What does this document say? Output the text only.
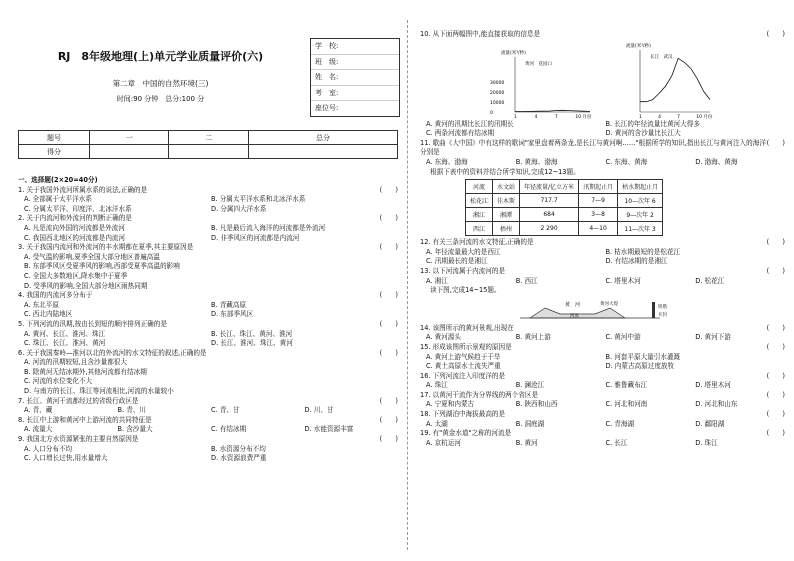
RJ　8年级地理(上)单元学业质量评价(六)
第二章　中国的自然环境(三)
时间:90 分钟　总分:100 分
学　校:
班　级:
姓　名:
考　室:
座位号:
题号	一	二	总分
得分			
一、选择题(2×20=40分)
1. 关于我国外流河所属水系的说法,正确的是	(　　)
A. 全部属于太平洋水系	B. 分属太平洋水系和北冰洋水系
C. 分属太平洋、印度洋、北冰洋水系	D. 分属四大洋水系
2. 关于内流河和外流河的判断正确的是	(　　)
A. 凡是流向外国的河流都是外流河	B. 凡是最后流入海洋的河流都是外流河
C. 我国西北地区的河流都是内流河	D. 非季风区的河流都是内流河
3. 关于我国内流河和外流河的丰水期都在夏季,其主要原因是	(　　)
A. 受气温的影响,夏季全国大部分地区普遍高温
B. 东部季风区受夏季风的影响,西部受夏季高温的影响
C. 全国大多数地区,降水集中于夏季
D. 受季风的影响,全国大部分地区雨热同期
4. 我国的内流河多分布于	(　　)
A. 东北平原	B. 青藏高原
C. 西北内陆地区	D. 东部季风区
5. 下列河流的汛期,按由长到短的顺序排列正确的是	(　　)
A. 黄河、长江、淮河、珠江	B. 长江、珠江、黄河、淮河
C. 珠江、长江、淮河、黄河	D. 长江、淮河、珠江、黄河
6. 关于我国秦岭—淮河以北的外流河的水文特征的叙述,正确的是	(　　)
A. 河流的汛期较短,且含沙量都很大
B. 除黄河无结冰期外,其他河流都有结冰期
C. 河流的水位变化不大
D. 与南方的长江、珠江等河流相比,河流的水量较小
7. 长江、黄河干流都经过的省级行政区是	(　　)
A. 青、藏	B. 青、川	C. 青、甘	D. 川、甘
8. 长江中上游和黄河中上游河流的共同特征是	(　　)
A. 流量大	B. 含沙量大	C. 有结冰期	D. 水能资源丰富
9. 我国北方水资源紧张的主要自然原因是	(　　)
A. 人口分布不均	B. 水资源分布不均
C. 人口增长过快,用水量增大	D. 水资源浪费严重
10. 从下面两幅图中,能直接获取的信息是	(　　)
流量(米³/秒)
黄河　花园口
1	4	7	10 月份
流量(米³/秒)
长江　武汉
1	4	7	10 月份
30000
20000
10000
0
A. 黄河的汛期比长江的汛期长	B. 长江的年径流量比黄河大得多
C. 两条河流都有结冰期	D. 黄河的含沙量比长江大
11. 歌曲《大中国》中有这样的歌词"家里盘着两条龙,是长江与黄河啊……"根据所学的知识,指出长江与黄河注入的海洋分别是
(　　)
A. 东海、渤海	B. 黄海、渤海	C. 东海、黄海	D. 渤海、黄海
根据下表中的资料并结合所学知识,完成12~13题。
河流	水文站	年径流量/亿立方米	汛期起止月	枯水期起止月
松花江	佳木斯	717.7	7—9	10—次年 6
湘江	湘潭	684	3—8	9—次年 2
西江	梧州	2 290	4—10	11—次年 3
12. 有关三条河流的水文特征,正确的是	(　　)
A. 年径流量最大的是西江	B. 枯水期最短的是松花江
C. 汛期最长的是湘江	D. 有结冰期的是湘江
13. 以下河流属于内流河的是	(　　)
A. 湘江	B. 西江	C. 塔里木河	D. 松花江
读下图,完成14~15题。
黄　河	黄河大堤
河床
铁塔
开封
14. 该图所示的黄河景观,出现在	(　　)
A. 黄河源头	B. 黄河上游	C. 黄河中游	D. 黄河下游
15. 形成该图所示景观的原因是	(　　)
A. 黄河上游气候趋于干旱	B. 河套平原大量引水灌溉
C. 黄土高原水土流失严重	D. 内蒙古高原过度放牧
16. 下列河流注入印度洋的是	(　　)
A. 珠江	B. 澜沧江	C. 雅鲁藏布江	D. 塔里木河
17. 以黄河干流作为分界线的两个省区是	(　　)
A. 宁夏和内蒙古	B. 陕西和山西	C. 河北和河南	D. 河北和山东
18. 下列湖泊中海拔最高的是	(　　)
A. 太湖	B. 洞庭湖	C. 青海湖	D. 鄱阳湖
19. 有"黄金水道"之称的河流是	(　　)
A. 京杭运河	B. 黄河	C. 长江	D. 珠江
